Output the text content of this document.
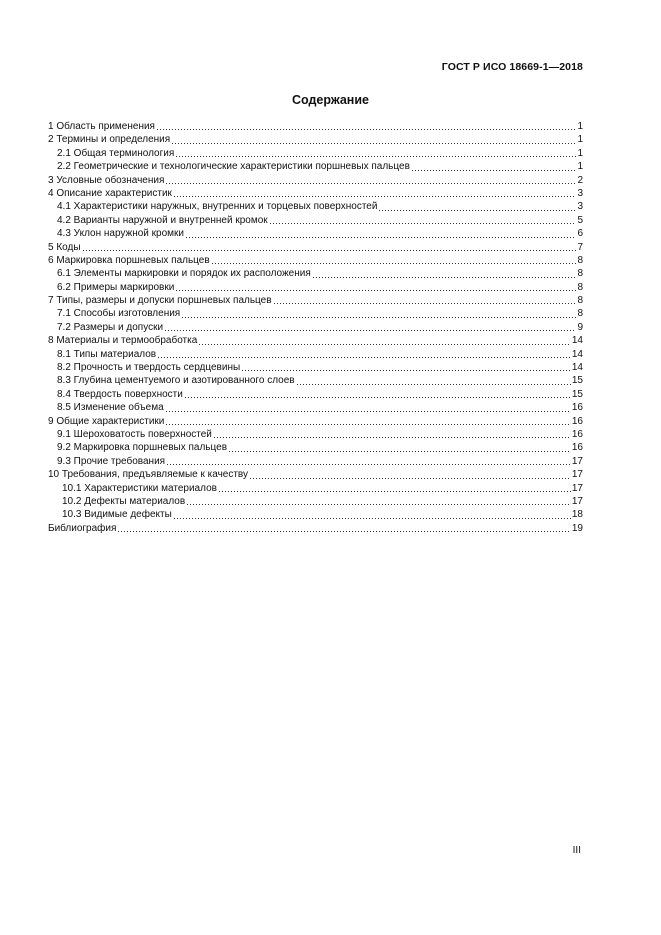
ГОСТ Р ИСО 18669-1—2018
Содержание
1 Область применения	1
2 Термины и определения	1
2.1 Общая терминология	1
2.2 Геометрические и технологические характеристики поршневых пальцев	1
3 Условные обозначения	2
4 Описание характеристик	3
4.1 Характеристики наружных, внутренних и торцевых поверхностей	3
4.2 Варианты наружной и внутренней кромок	5
4.3 Уклон наружной кромки	6
5 Коды	7
6 Маркировка поршневых пальцев	8
6.1 Элементы маркировки и порядок их расположения	8
6.2 Примеры маркировки	8
7 Типы, размеры и допуски поршневых пальцев	8
7.1 Способы изготовления	8
7.2 Размеры и допуски	9
8 Материалы и термообработка	14
8.1 Типы материалов	14
8.2 Прочность и твердость сердцевины	14
8.3 Глубина цементуемого и азотированного слоев	15
8.4 Твердость поверхности	15
8.5 Изменение объема	16
9 Общие характеристики	16
9.1 Шероховатость поверхностей	16
9.2 Маркировка поршневых пальцев	16
9.3 Прочие требования	17
10 Требования, предъявляемые к качеству	17
10.1 Характеристики материалов	17
10.2 Дефекты материалов	17
10.3 Видимые дефекты	18
Библиография	19
III
